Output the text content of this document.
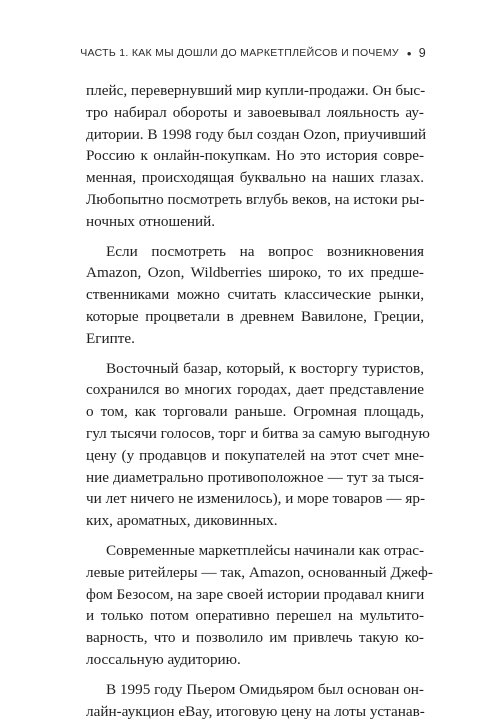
ЧАСТЬ 1. КАК МЫ ДОШЛИ ДО МАРКЕТПЛЕЙСОВ И ПОЧЕМУ • 9
плейс, перевернувший мир купли-продажи. Он быс-
тро набирал обороты и завоевывал лояльность ау-
дитории. В 1998 году был создан Ozon, приучивший
Россию к онлайн-покупкам. Но это история совре-
менная, происходящая буквально на наших глазах.
Любопытно посмотреть вглубь веков, на истоки ры-
ночных отношений.
Если посмотреть на вопрос возникновения
Amazon, Ozon, Wildberries широко, то их предше-
ственниками можно считать классические рынки,
которые процветали в древнем Вавилоне, Греции,
Египте.
Восточный базар, который, к восторгу туристов,
сохранился во многих городах, дает представление
о том, как торговали раньше. Огромная площадь,
гул тысячи голосов, торг и битва за самую выгодную
цену (у продавцов и покупателей на этот счет мне-
ние диаметрально противоположное — тут за тыся-
чи лет ничего не изменилось), и море товаров — яр-
ких, ароматных, диковинных.
Современные маркетплейсы начинали как отрас-
левые ритейлеры — так, Amazon, основанный Джеф-
фом Безосом, на заре своей истории продавал книги
и только потом оперативно перешел на мультито-
варность, что и позволило им привлечь такую ко-
лоссальную аудиторию.
В 1995 году Пьером Омидьяром был основан он-
лайн-аукцион eBay, итоговую цену на лоты устанав-
